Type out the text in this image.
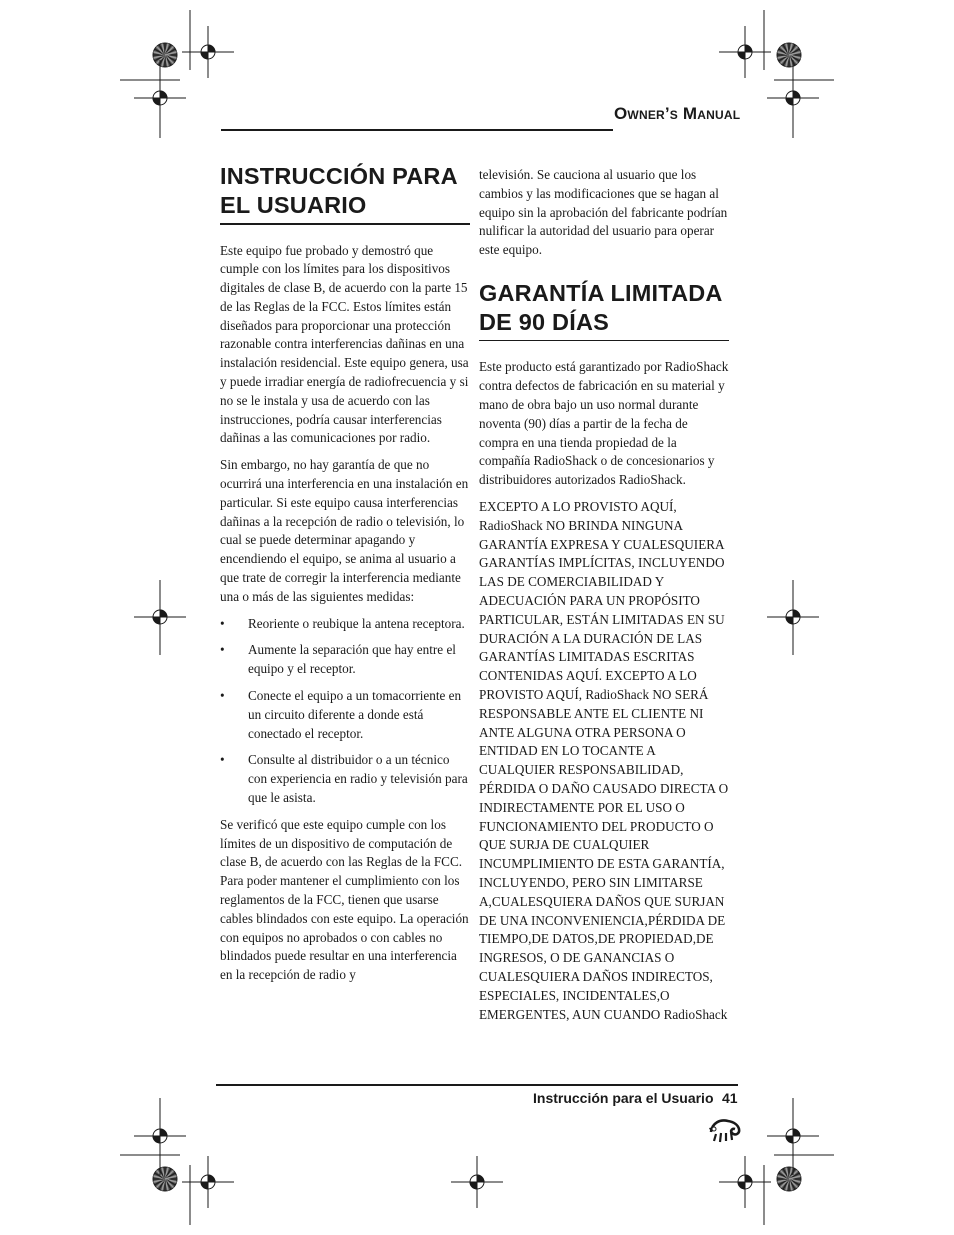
Owner’s Manual
INSTRUCCIÓN PARA EL USUARIO

Este equipo fue probado y demostró que cumple con los límites para los dispositivos digitales de clase B, de acuerdo con la parte 15 de las Reglas de la FCC. Estos límites están diseñados para proporcionar una protección razonable contra interferencias dañinas en una instalación residencial. Este equipo genera, usa y puede irradiar energía de radiofrecuencia y si no se le instala y usa de acuerdo con las instrucciones, podría causar interferencias dañinas a las comunicaciones por radio.

Sin embargo, no hay garantía de que no ocurrirá una interferencia en una instalación en particular. Si este equipo causa interferencias dañinas a la recepción de radio o televisión, lo cual se puede determinar apagando y encendiendo el equipo, se anima al usuario a que trate de corregir la interferencia mediante una o más de las siguientes medidas:

• Reoriente o reubique la antena receptora.
• Aumente la separación que hay entre el equipo y el receptor.
• Conecte el equipo a un tomacorriente en un circuito diferente a donde está conectado el receptor.
• Consulte al distribuidor o a un técnico con experiencia en radio y televisión para que le asista.

Se verificó que este equipo cumple con los límites de un dispositivo de computación de clase B, de acuerdo con las Reglas de la FCC. Para poder mantener el cumplimiento con los reglamentos de la FCC, tienen que usarse cables blindados con este equipo. La operación con equipos no aprobados o con cables no blindados puede resultar en una interferencia en la recepción de radio y

televisión. Se cauciona al usuario que los cambios y las modificaciones que se hagan al equipo sin la aprobación del fabricante podrían nulificar la autoridad del usuario para operar este equipo.

GARANTÍA LIMITADA DE 90 DÍAS

Este producto está garantizado por RadioShack contra defectos de fabricación en su material y mano de obra bajo un uso normal durante noventa (90) días a partir de la fecha de compra en una tienda propiedad de la compañía RadioShack o de concesionarios y distribuidores autorizados RadioShack.

EXCEPTO A LO PROVISTO AQUÍ, RadioShack NO BRINDA NINGUNA GARANTÍA EXPRESA Y CUALESQUIERA GARANTÍAS IMPLÍCITAS, INCLUYENDO LAS DE COMERCIABILIDAD Y ADECUACIÓN PARA UN PROPÓSITO PARTICULAR, ESTÁN LIMITADAS EN SU DURACIÓN A LA DURACIÓN DE LAS GARANTÍAS LIMITADAS ESCRITAS CONTENIDAS AQUÍ. EXCEPTO A LO PROVISTO AQUÍ, RadioShack NO SERÁ RESPONSABLE ANTE EL CLIENTE NI ANTE ALGUNA OTRA PERSONA O ENTIDAD EN LO TOCANTE A CUALQUIER RESPONSABILIDAD, PÉRDIDA O DAÑO CAUSADO DIRECTA O INDIRECTAMENTE POR EL USO O FUNCIONAMIENTO DEL PRODUCTO O QUE SURJA DE CUALQUIER INCUMPLIMIENTO DE ESTA GARANTÍA, INCLUYENDO, PERO SIN LIMITARSE A,CUALESQUIERA DAÑOS QUE SURJAN DE UNA INCONVENIENCIA,PÉRDIDA DE TIEMPO,DE DATOS,DE PROPIEDAD,DE INGRESOS, O DE GANANCIAS O CUALESQUIERA DAÑOS INDIRECTOS, ESPECIALES, INCIDENTALES,O EMERGENTES, AUN CUANDO RadioShack

Instrucción para el Usuario 41
